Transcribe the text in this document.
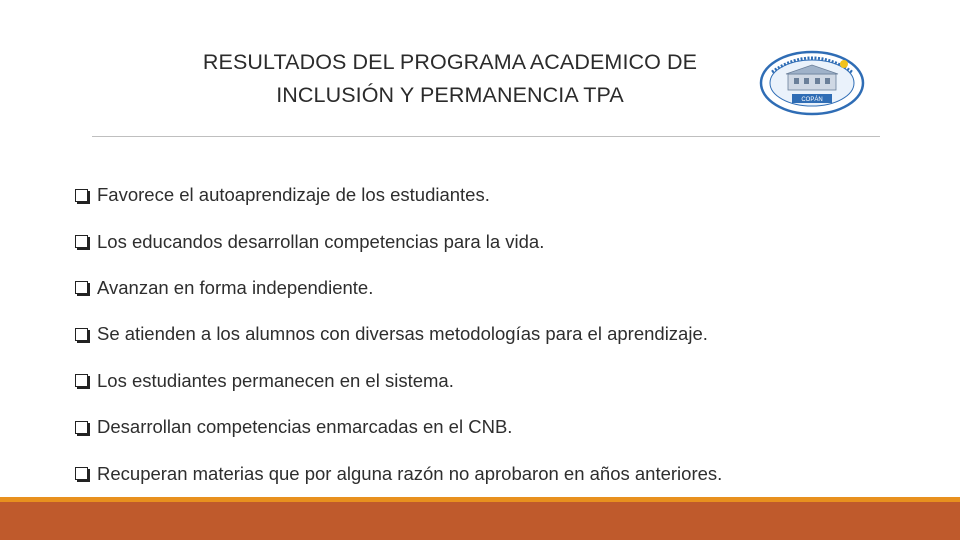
RESULTADOS DEL PROGRAMA ACADEMICO DE
INCLUSIÓN Y PERMANENCIA TPA	COPÁN
Favorece el autoaprendizaje de los estudiantes.
Los educandos desarrollan competencias para la vida.
Avanzan en forma independiente.
Se atienden a los alumnos con diversas metodologías para el aprendizaje.
Los estudiantes permanecen en el sistema.
Desarrollan competencias enmarcadas en el CNB.
Recuperan materias que por alguna razón no aprobaron en años anteriores.
